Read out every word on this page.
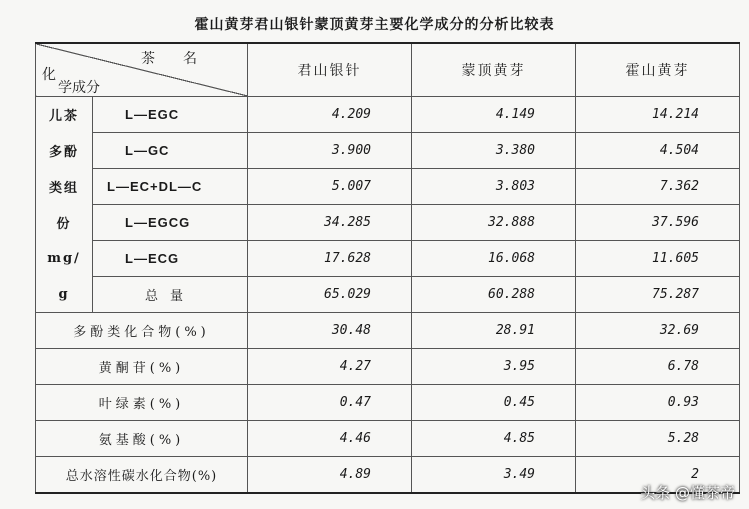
霍山黄芽君山银针蒙顶黄芽主要化学成分的分析比较表
茶名
化
学成分		君山银针	蒙顶黄芽	霍山黄芽
儿茶	L—EGC	4.209	4.149	14.214
多酚	L—GC	3.900	3.380	4.504
类组	L—EC+DL—C	5.007	3.803	7.362
份	L—EGCG	34.285	32.888	37.596
mg/	L—ECG	17.628	16.068	11.605
g	总量	65.029	60.288	75.287
多酚类化合物(%)		30.48	28.91	32.69
黄酮苷(%)		4.27	3.95	6.78
叶绿素(%)		0.47	0.45	0.93
氨基酸(%)		4.46	4.85	5.28
总水溶性碳水化合物(%)		4.89	3.49	2
头条 @懂茶帝
